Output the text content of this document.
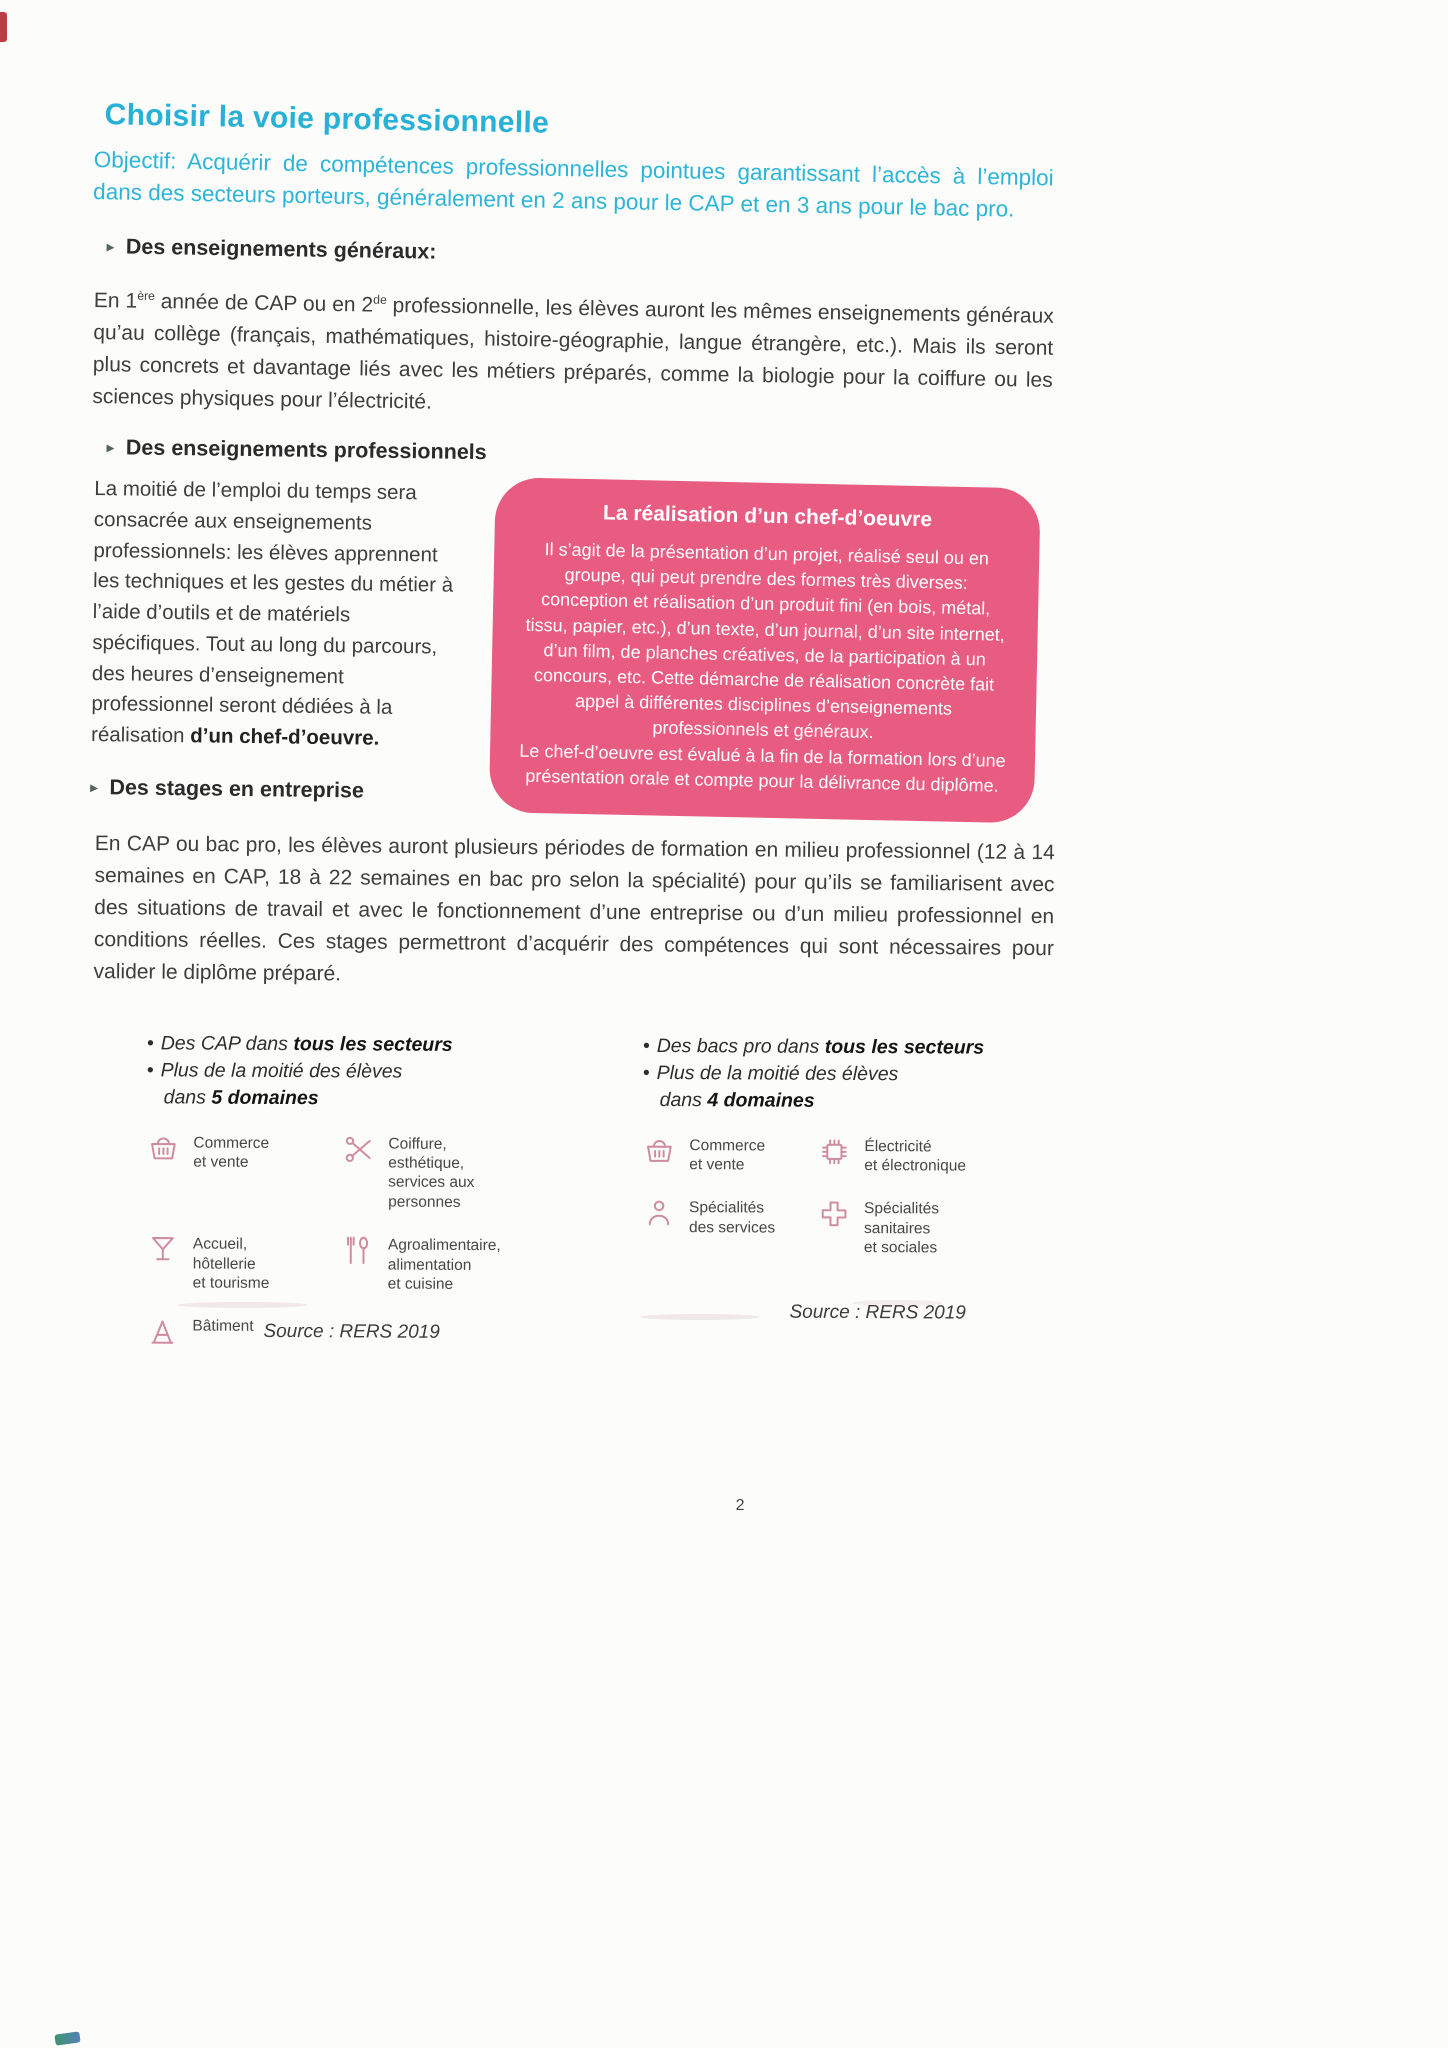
Choisir la voie professionnelle

Objectif: Acquérir de compétences professionnelles pointues garantissant l’accès à l’emploi dans des secteurs porteurs, généralement en 2 ans pour le CAP et en 3 ans pour le bac pro.

▸ Des enseignements généraux:

En 1ère année de CAP ou en 2de professionnelle, les élèves auront les mêmes enseignements généraux qu’au collège (français, mathématiques, histoire-géographie, langue étrangère, etc.). Mais ils seront plus concrets et davantage liés avec les métiers préparés, comme la biologie pour la coiffure ou les sciences physiques pour l’électricité.

▸ Des enseignements professionnels

La moitié de l’emploi du temps sera consacrée aux enseignements professionnels: les élèves apprennent les techniques et les gestes du métier à l’aide d’outils et de matériels spécifiques. Tout au long du parcours, des heures d’enseignement professionnel seront dédiées à la réalisation d’un chef-d’oeuvre.

▸ Des stages en entreprise
La réalisation d’un chef-d’oeuvre

Il s’agit de la présentation d’un projet, réalisé seul ou en groupe, qui peut prendre des formes très diverses: conception et réalisation d’un produit fini (en bois, métal, tissu, papier, etc.), d’un texte, d’un journal, d’un site internet, d’un film, de planches créatives, de la participation à un concours, etc. Cette démarche de réalisation concrète fait appel à différentes disciplines d’enseignements professionnels et généraux.

Le chef-d’oeuvre est évalué à la fin de la formation lors d’une présentation orale et compte pour la délivrance du diplôme.

En CAP ou bac pro, les élèves auront plusieurs périodes de formation en milieu professionnel (12 à 14 semaines en CAP, 18 à 22 semaines en bac pro selon la spécialité) pour qu’ils se familiarisent avec des situations de travail et avec le fonctionnement d’une entreprise ou d’un milieu professionnel en conditions réelles. Ces stages permettront d’acquérir des compétences qui sont nécessaires pour valider le diplôme préparé.

• Des CAP dans tous les secteurs
• Plus de la moitié des élèves
dans 5 domaines
Commerce
et vente
Coiffure,
esthétique,
services aux
personnes
Accueil,
hôtellerie
et tourisme
Agroalimentaire,
alimentation
et cuisine
Bâtiment Source : RERS 2019

• Des bacs pro dans tous les secteurs
• Plus de la moitié des élèves
dans 4 domaines
Commerce
et vente
Électricité
et électronique
Spécialités
des services
Spécialités
sanitaires
et sociales

Source : RERS 2019

2
